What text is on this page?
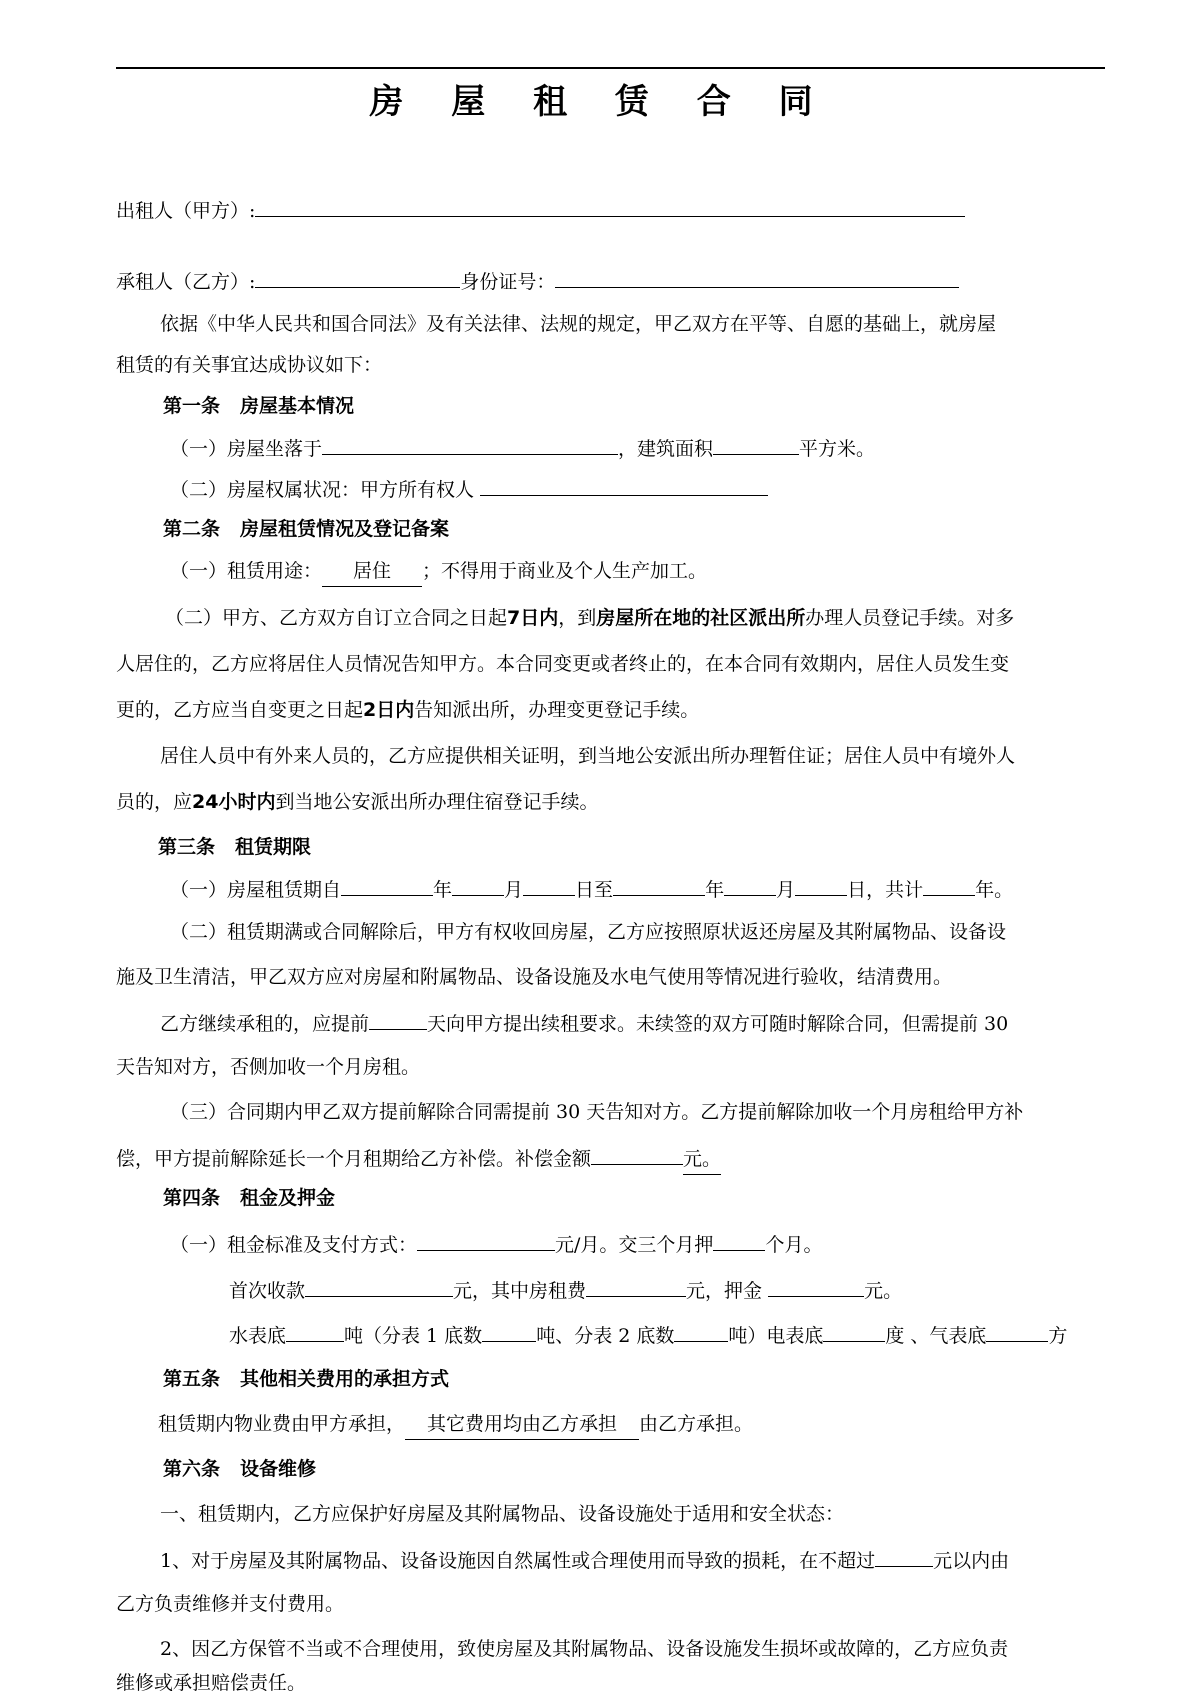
房 屋 租 赁 合 同
出租人（甲方）:
承租人（乙方）:	身份证号：
依据《中华人民共和国合同法》及有关法律、法规的规定，甲乙双方在平等、自愿的基础上，就房屋
租赁的有关事宜达成协议如下：
第一条 房屋基本情况
（一）房屋坐落于	，建筑面积	平方米。
（二）房屋权属状况：甲方所有权人
第二条 房屋租赁情况及登记备案
（一）租赁用途： 居住 ；不得用于商业及个人生产加工。
（二）甲方、乙方双方自订立合同之日起7日内，到房屋所在地的社区派出所办理人员登记手续。对多
人居住的，乙方应将居住人员情况告知甲方。本合同变更或者终止的，在本合同有效期内，居住人员发生变
更的，乙方应当自变更之日起2日内告知派出所，办理变更登记手续。
居住人员中有外来人员的，乙方应提供相关证明，到当地公安派出所办理暂住证；居住人员中有境外人
员的，应24小时内到当地公安派出所办理住宿登记手续。
第三条 租赁期限
（一）房屋租赁期自	年	月	日至	年	月	日，共计	年。
（二）租赁期满或合同解除后，甲方有权收回房屋，乙方应按照原状返还房屋及其附属物品、设备设
施及卫生清洁，甲乙双方应对房屋和附属物品、设备设施及水电气使用等情况进行验收，结清费用。
乙方继续承租的，应提前	天向甲方提出续租要求。未续签的双方可随时解除合同，但需提前 30
天告知对方，否侧加收一个月房租。
（三）合同期内甲乙双方提前解除合同需提前 30 天告知对方。乙方提前解除加收一个月房租给甲方补
偿，甲方提前解除延长一个月租期给乙方补偿。补偿金额	元。
第四条 租金及押金
（一）租金标准及支付方式：	元/月。交三个月押	个月。
首次收款	元，其中房租费	元，押金	元。
水表底	吨（分表 1 底数	吨、分表 2 底数	吨）电表底	度 、气表底	方
第五条 其他相关费用的承担方式
租赁期内物业费由甲方承担， 其它费用均由乙方承担 由乙方承担。
第六条 设备维修
一、租赁期内，乙方应保护好房屋及其附属物品、设备设施处于适用和安全状态：
1、对于房屋及其附属物品、设备设施因自然属性或合理使用而导致的损耗，在不超过	元以内由
乙方负责维修并支付费用。
2、因乙方保管不当或不合理使用，致使房屋及其附属物品、设备设施发生损坏或故障的，乙方应负责
维修或承担赔偿责任。
